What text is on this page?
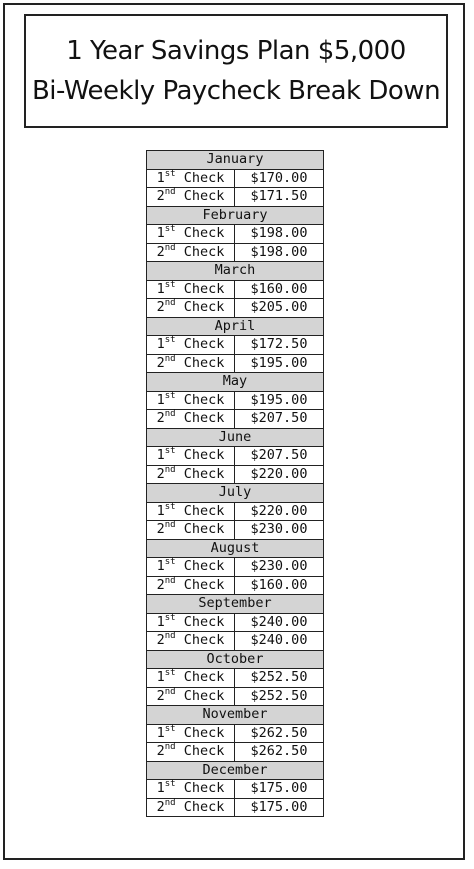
1 Year Savings Plan $5,000
Bi-Weekly Paycheck Break Down
January
1st Check	$170.00
2nd Check	$171.50
February
1st Check	$198.00
2nd Check	$198.00
March
1st Check	$160.00
2nd Check	$205.00
April
1st Check	$172.50
2nd Check	$195.00
May
1st Check	$195.00
2nd Check	$207.50
June
1st Check	$207.50
2nd Check	$220.00
July
1st Check	$220.00
2nd Check	$230.00
August
1st Check	$230.00
2nd Check	$160.00
September
1st Check	$240.00
2nd Check	$240.00
October
1st Check	$252.50
2nd Check	$252.50
November
1st Check	$262.50
2nd Check	$262.50
December
1st Check	$175.00
2nd Check	$175.00
